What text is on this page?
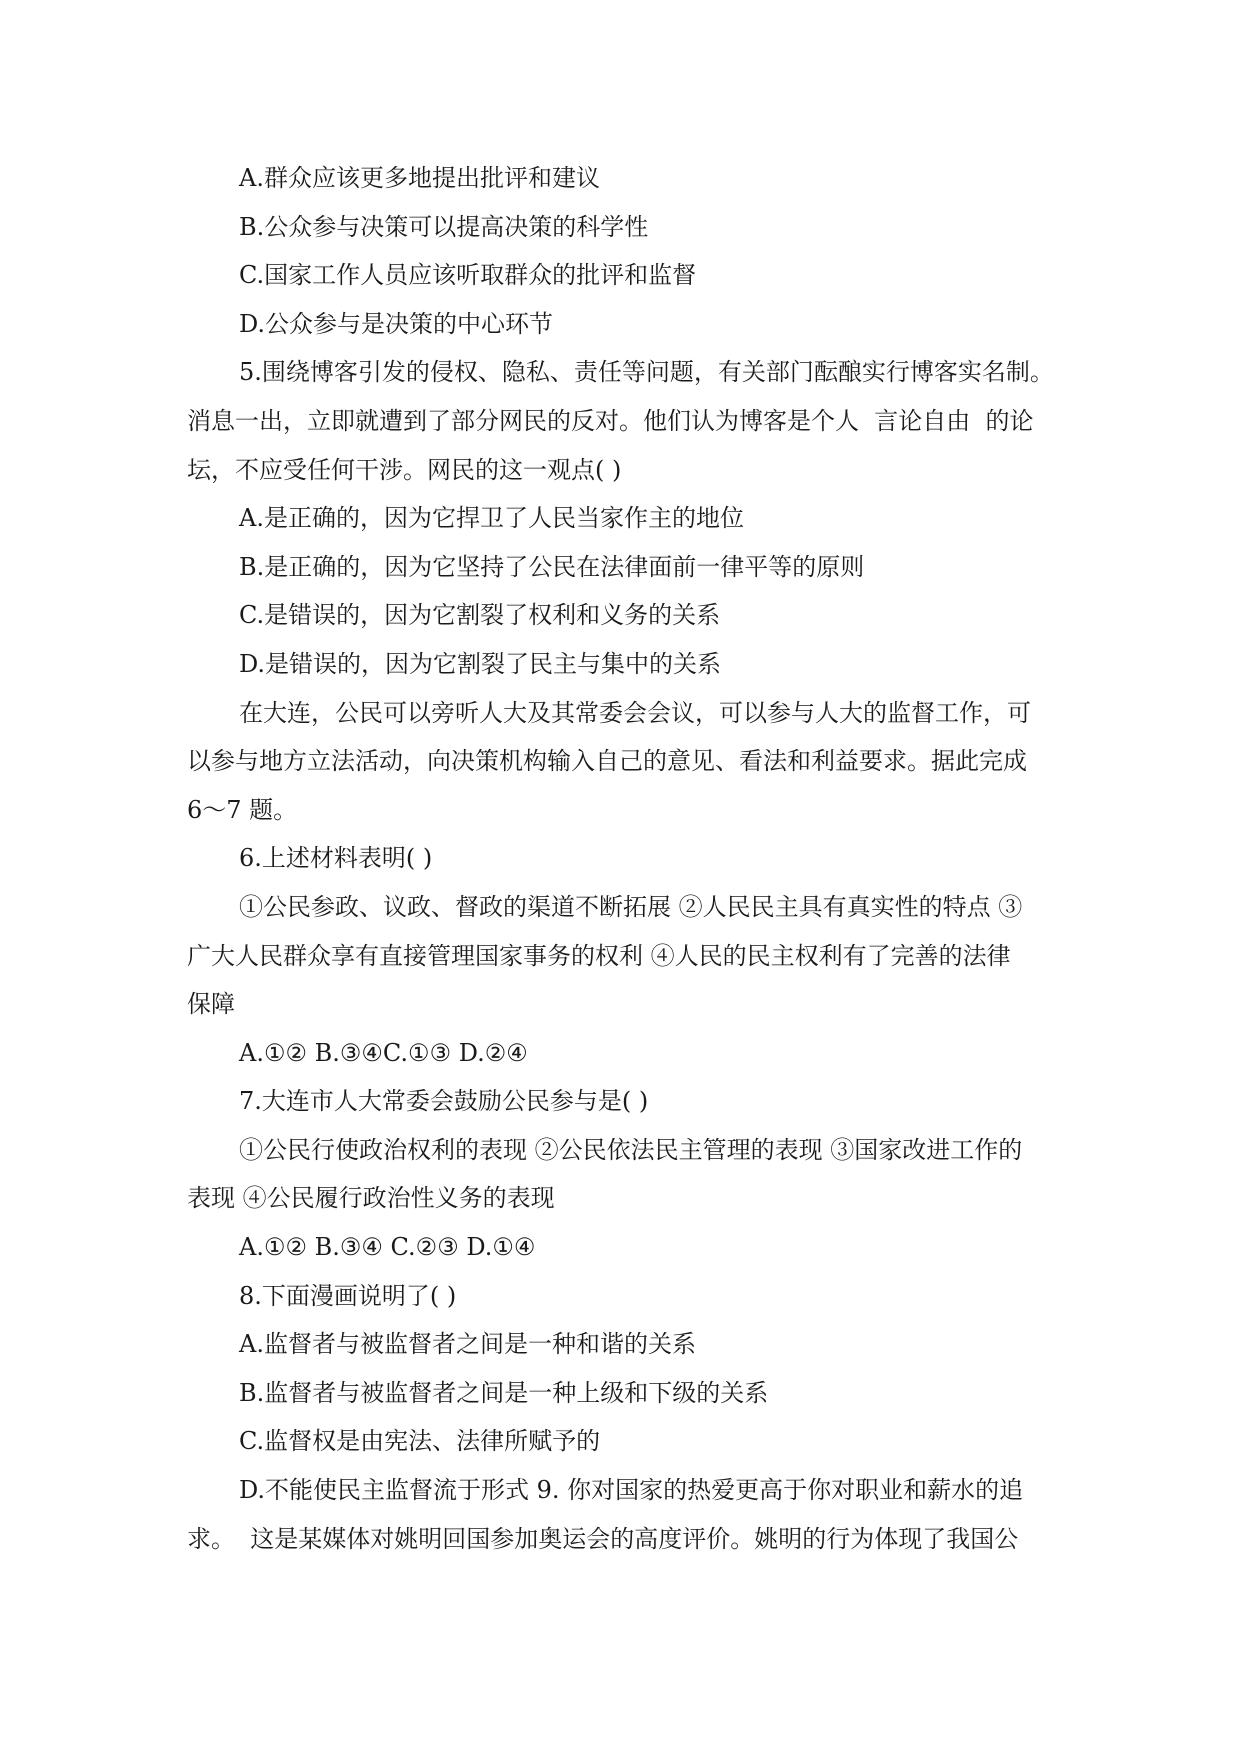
A.群众应该更多地提出批评和建议

B.公众参与决策可以提高决策的科学性

C.国家工作人员应该听取群众的批评和监督

D.公众参与是决策的中心环节

5.围绕博客引发的侵权、隐私、责任等问题，有关部门酝酿实行博客实名制。

消息一出，立即就遭到了部分网民的反对。他们认为博客是个人  言论自由  的论

坛，不应受任何干涉。网民的这一观点( )

A.是正确的，因为它捍卫了人民当家作主的地位

B.是正确的，因为它坚持了公民在法律面前一律平等的原则

C.是错误的，因为它割裂了权利和义务的关系

D.是错误的，因为它割裂了民主与集中的关系

在大连，公民可以旁听人大及其常委会会议，可以参与人大的监督工作，可

以参与地方立法活动，向决策机构输入自己的意见、看法和利益要求。据此完成

6～7 题。

6.上述材料表明( )

①公民参政、议政、督政的渠道不断拓展 ②人民民主具有真实性的特点 ③

广大人民群众享有直接管理国家事务的权利 ④人民的民主权利有了完善的法律

保障

A.①② B.③④C.①③ D.②④

7.大连市人大常委会鼓励公民参与是( )

①公民行使政治权利的表现 ②公民依法民主管理的表现 ③国家改进工作的

表现 ④公民履行政治性义务的表现

A.①② B.③④ C.②③ D.①④

8.下面漫画说明了( )

A.监督者与被监督者之间是一种和谐的关系

B.监督者与被监督者之间是一种上级和下级的关系

C.监督权是由宪法、法律所赋予的

D.不能使民主监督流于形式 9. 你对国家的热爱更高于你对职业和薪水的追

求。  这是某媒体对姚明回国参加奥运会的高度评价。姚明的行为体现了我国公
